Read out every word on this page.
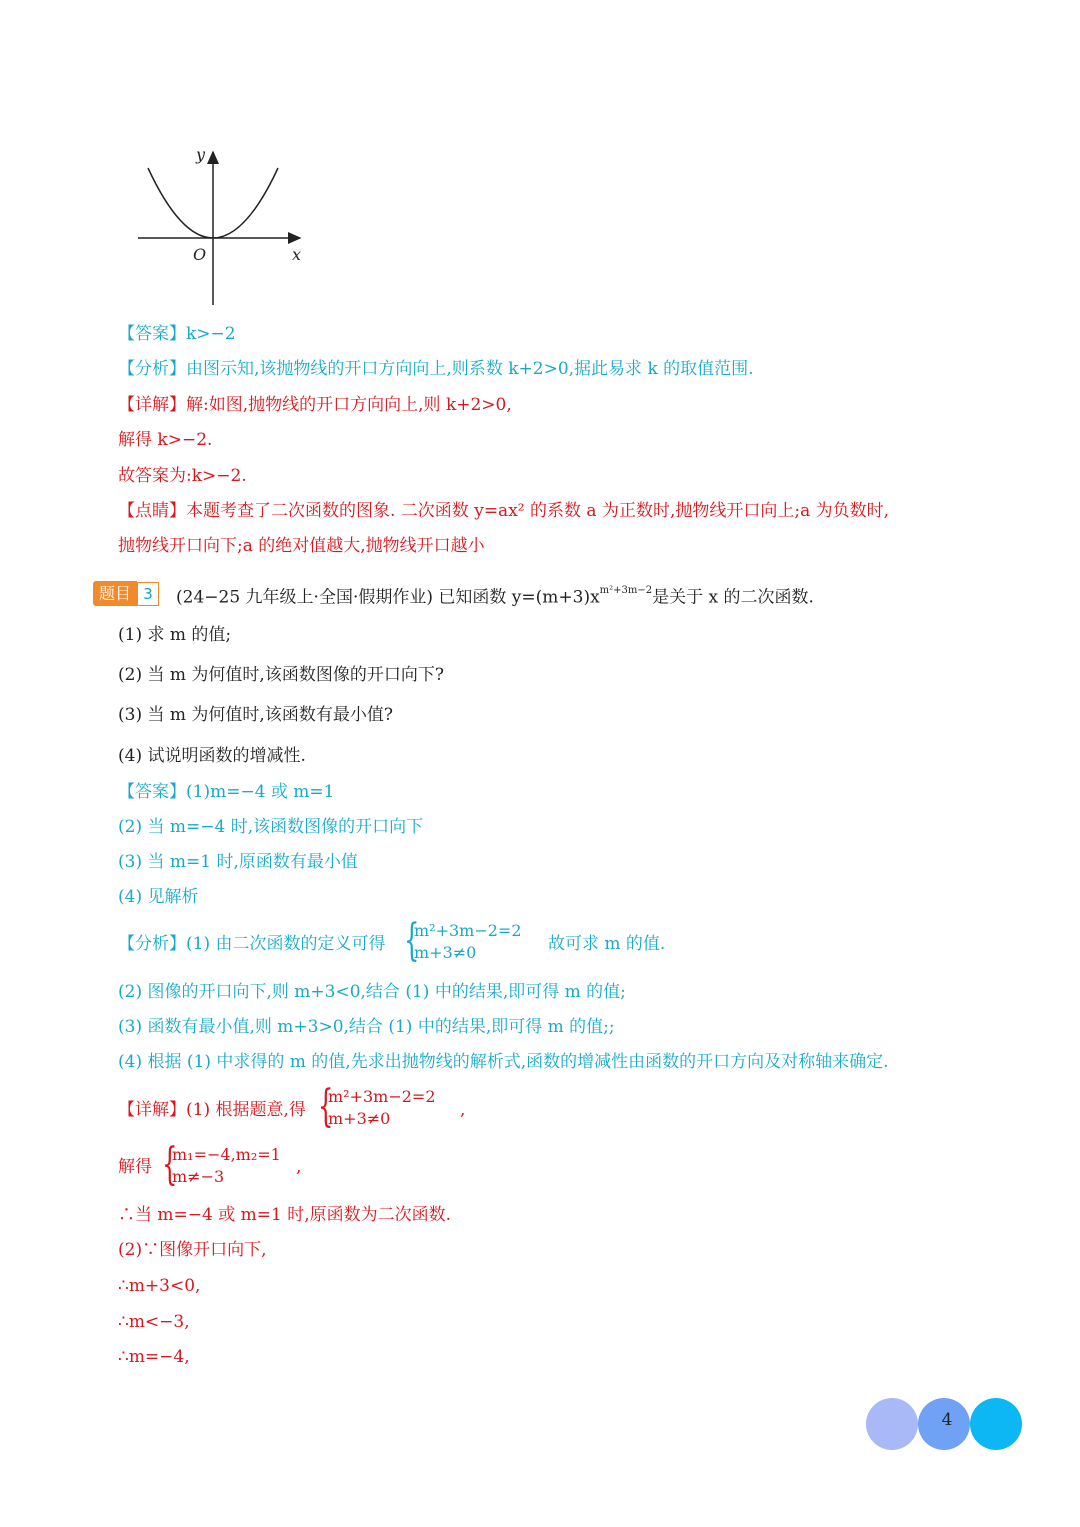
y
x
O
【答案】k>−2
【分析】由图示知,该抛物线的开口方向向上,则系数 k+2>0,据此易求 k 的取值范围.
【详解】解:如图,抛物线的开口方向向上,则 k+2>0,
解得 k>−2.
故答案为:k>−2.
【点睛】本题考查了二次函数的图象. 二次函数 y=ax² 的系数 a 为正数时,抛物线开口向上;a 为负数时,
抛物线开口向下;a 的绝对值越大,抛物线开口越小
题目 3	(24−25 九年级上·全国·假期作业) 已知函数 $y=(m+3)x^{m^2+3m-2}$是关于 x 的二次函数.
(1) 求 m 的值;
(2) 当 m 为何值时,该函数图像的开口向下?
(3) 当 m 为何值时,该函数有最小值?
(4) 试说明函数的增减性.
【答案】(1)m=−4 或 m=1
(2) 当 m=−4 时,该函数图像的开口向下
(3) 当 m=1 时,原函数有最小值
(4) 见解析
【分析】(1) 由二次函数的定义可得 {
m²+3m−2=2
m+3≠0	故可求 m 的值.
(2) 图像的开口向下,则 m+3<0,结合 (1) 中的结果,即可得 m 的值;
(3) 函数有最小值,则 m+3>0,结合 (1) 中的结果,即可得 m 的值;;
(4) 根据 (1) 中求得的 m 的值,先求出抛物线的解析式,函数的增减性由函数的开口方向及对称轴来确定.
【详解】(1) 根据题意,得 {
m²+3m−2=2
m+3≠0	,
解得 {
m₁=−4,m₂=1
m≠−3	,
∴当 m=−4 或 m=1 时,原函数为二次函数.
(2)∵图像开口向下,
∴m+3<0,
∴m<−3,
∴m=−4,
4
